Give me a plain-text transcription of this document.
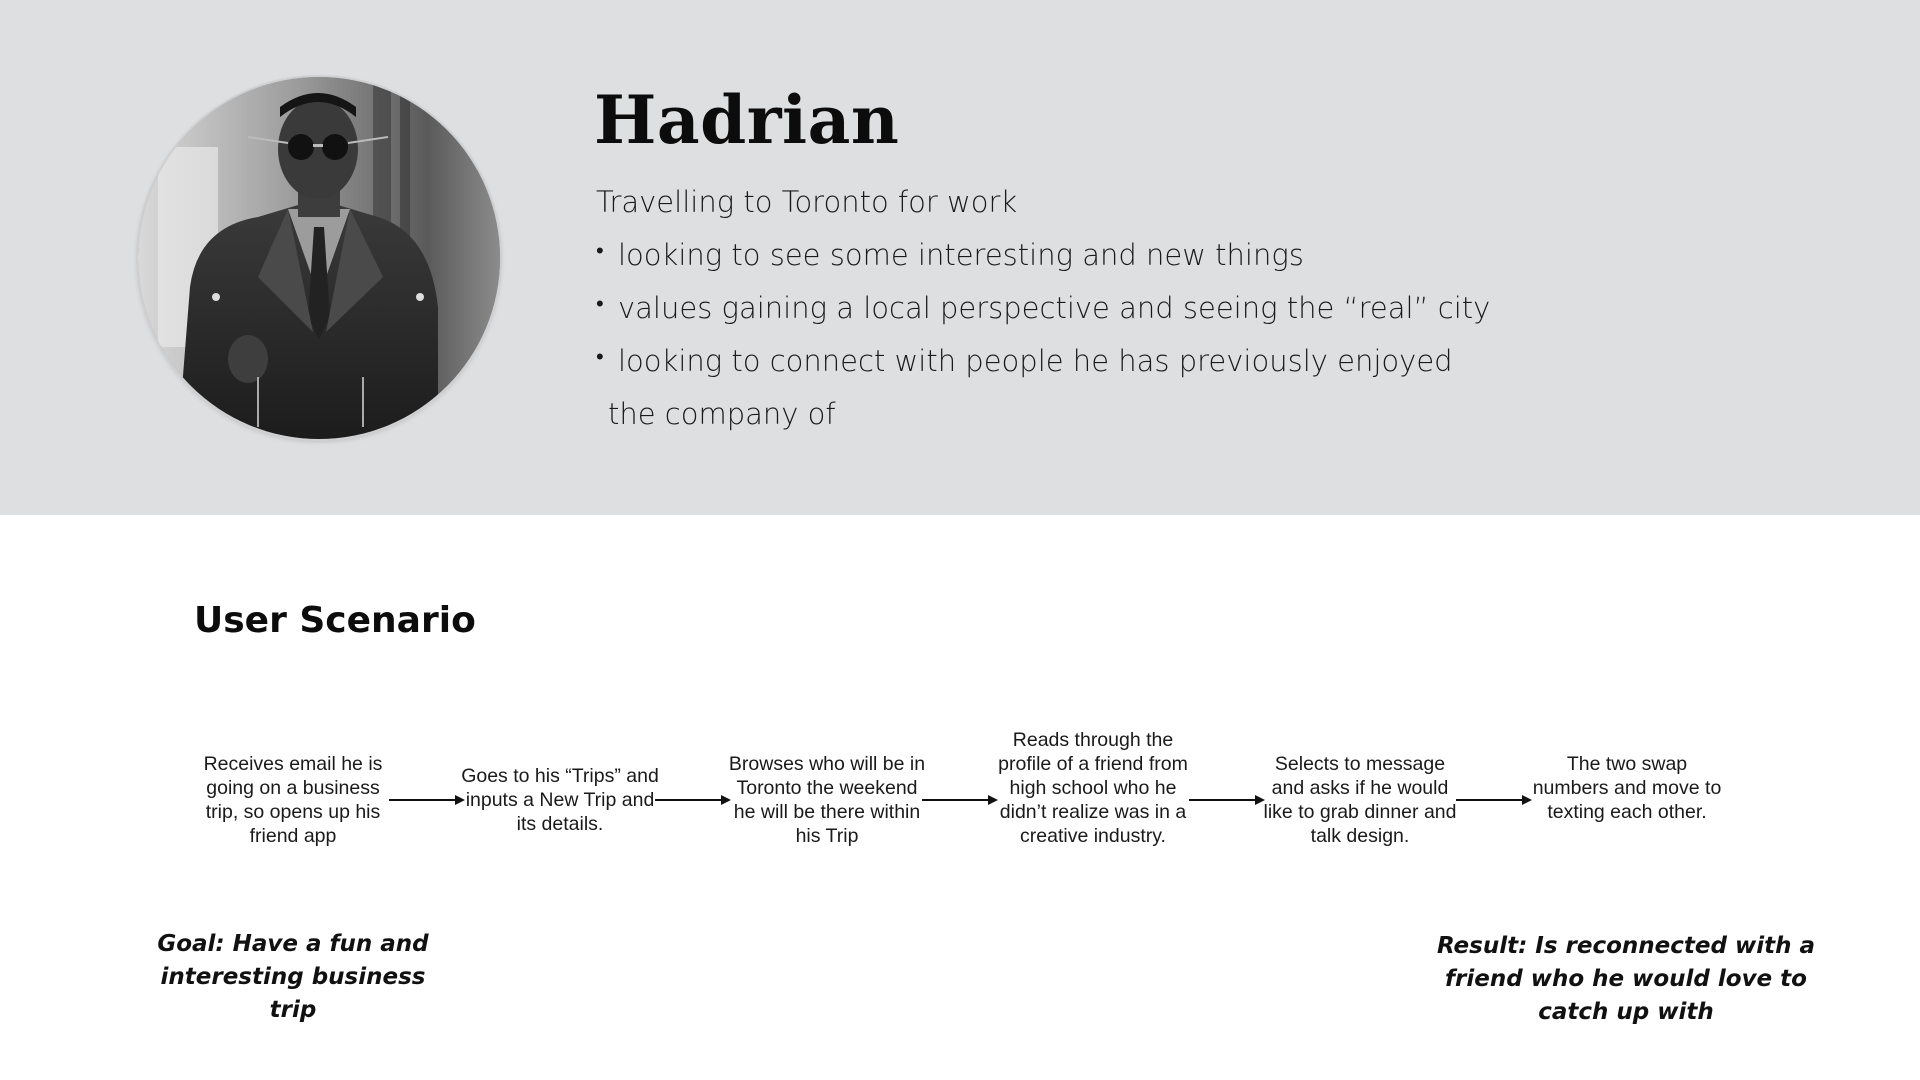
Hadrian
Travelling to Toronto for work
• looking to see some interesting and new things
• values gaining a local perspective and seeing the “real” city
• looking to connect with people he has previously enjoyed
the company of
User Scenario
Receives email he is going on a business trip, so opens up his friend app
Goes to his “Trips” and inputs a New Trip and its details.
Browses who will be in Toronto the weekend he will be there within his Trip
Reads through the profile of a friend from high school who he didn’t realize was in a creative industry.
Selects to message and asks if he would like to grab dinner and talk design.
The two swap numbers and move to texting each other.
Goal: Have a fun and interesting business trip
Result: Is reconnected with a friend who he would love to catch up with
